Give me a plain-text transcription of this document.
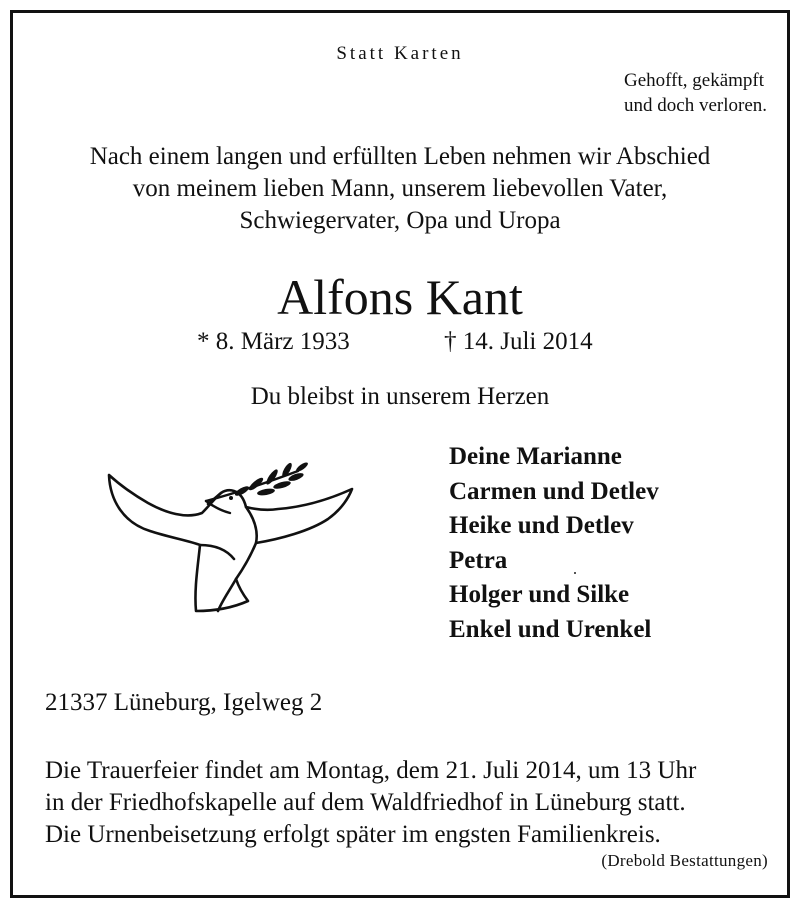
Statt Karten
Gehofft, gekämpft
und doch verloren.
Nach einem langen und erfüllten Leben nehmen wir Abschied
von meinem lieben Mann, unserem liebevollen Vater,
Schwiegervater, Opa und Uropa
Alfons Kant
* 8. März 1933	† 14. Juli 2014
Du bleibst in unserem Herzen
Deine Marianne
Carmen und Detlev
Heike und Detlev
Petra
Holger und Silke
Enkel und Urenkel
21337 Lüneburg, Igelweg 2
Die Trauerfeier findet am Montag, dem 21. Juli 2014, um 13 Uhr
in der Friedhofskapelle auf dem Waldfriedhof in Lüneburg statt.
Die Urnenbeisetzung erfolgt später im engsten Familienkreis.
(Drebold Bestattungen)
